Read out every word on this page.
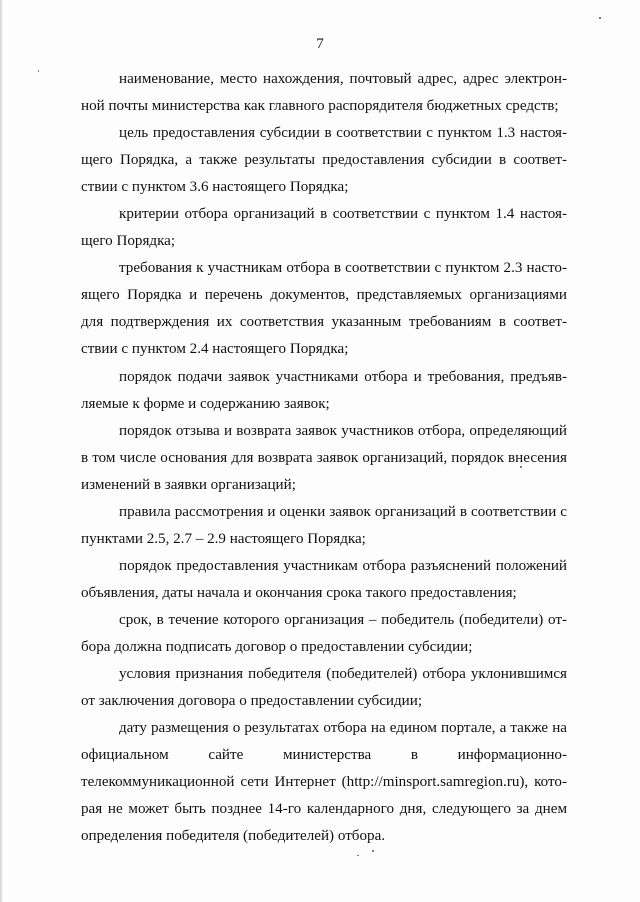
7
наименование, место нахождения, почтовый адрес, адрес электрон-
ной почты министерства как главного распорядителя бюджетных средств;
цель предоставления субсидии в соответствии с пунктом 1.3 настоя-
щего Порядка, а также результаты предоставления субсидии в соответ-
ствии с пунктом 3.6 настоящего Порядка;
критерии отбора организаций в соответствии с пунктом 1.4 настоя-
щего Порядка;
требования к участникам отбора в соответствии с пунктом 2.3 насто-
ящего Порядка и перечень документов, представляемых организациями
для подтверждения их соответствия указанным требованиям в соответ-
ствии с пунктом 2.4 настоящего Порядка;
порядок подачи заявок участниками отбора и требования, предъяв-
ляемые к форме и содержанию заявок;
порядок отзыва и возврата заявок участников отбора, определяющий
в том числе основания для возврата заявок организаций, порядок внесения
изменений в заявки организаций;
правила рассмотрения и оценки заявок организаций в соответствии с
пунктами 2.5, 2.7 – 2.9 настоящего Порядка;
порядок предоставления участникам отбора разъяснений положений
объявления, даты начала и окончания срока такого предоставления;
срок, в течение которого организация – победитель (победители) от-
бора должна подписать договор о предоставлении субсидии;
условия признания победителя (победителей) отбора уклонившимся
от заключения договора о предоставлении субсидии;
дату размещения о результатах отбора на едином портале, а также на
официальном сайте министерства в информационно-
телекоммуникационной сети Интернет (http://minsport.samregion.ru), кото-
рая не может быть позднее 14-го календарного дня, следующего за днем
определения победителя (победителей) отбора.
